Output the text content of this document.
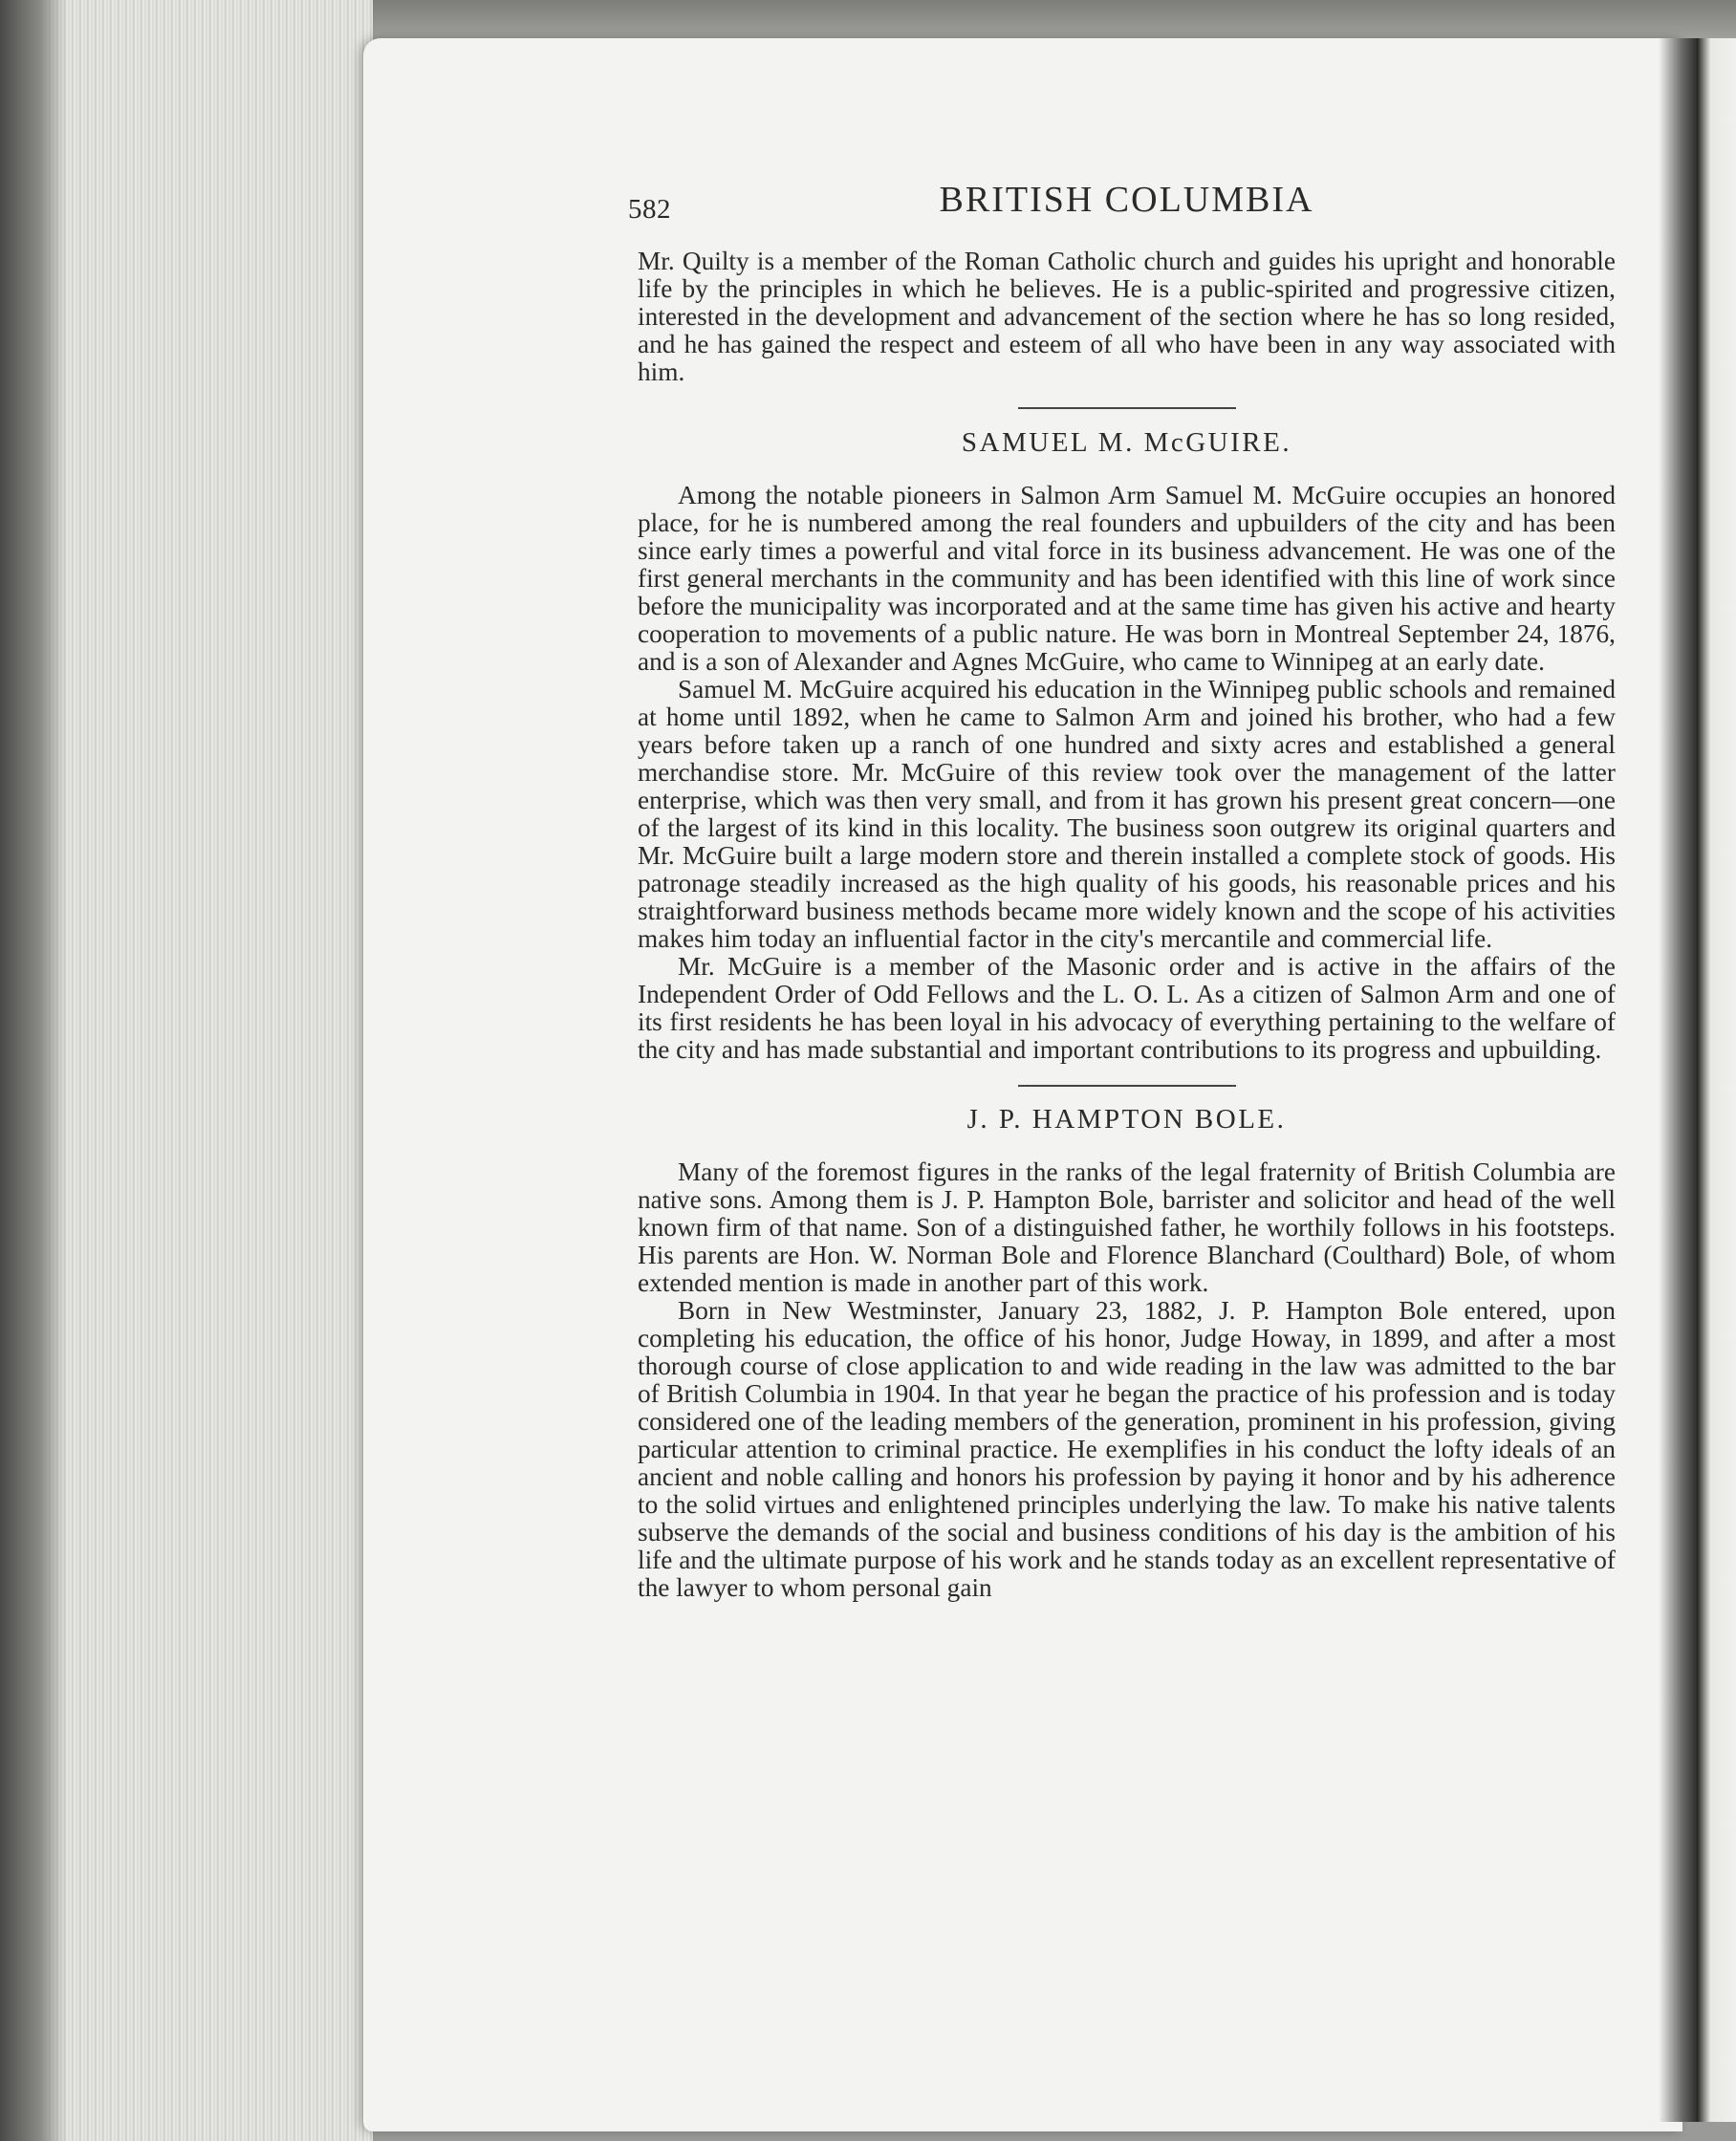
582	BRITISH COLUMBIA

Mr. Quilty is a member of the Roman Catholic church and guides his upright and honorable life by the principles in which he believes. He is a public-spirited and progressive citizen, interested in the development and advancement of the section where he has so long resided, and he has gained the respect and esteem of all who have been in any way associated with him.

SAMUEL M. McGUIRE.

Among the notable pioneers in Salmon Arm Samuel M. McGuire occupies an honored place, for he is numbered among the real founders and upbuilders of the city and has been since early times a powerful and vital force in its business advancement. He was one of the first general merchants in the community and has been identified with this line of work since before the municipality was incorporated and at the same time has given his active and hearty cooperation to movements of a public nature. He was born in Montreal September 24, 1876, and is a son of Alexander and Agnes McGuire, who came to Winnipeg at an early date.

Samuel M. McGuire acquired his education in the Winnipeg public schools and remained at home until 1892, when he came to Salmon Arm and joined his brother, who had a few years before taken up a ranch of one hundred and sixty acres and established a general merchandise store. Mr. McGuire of this review took over the management of the latter enterprise, which was then very small, and from it has grown his present great concern—one of the largest of its kind in this locality. The business soon outgrew its original quarters and Mr. McGuire built a large modern store and therein installed a complete stock of goods. His patronage steadily increased as the high quality of his goods, his reasonable prices and his straightforward business methods became more widely known and the scope of his activities makes him today an influential factor in the city's mercantile and commercial life.

Mr. McGuire is a member of the Masonic order and is active in the affairs of the Independent Order of Odd Fellows and the L. O. L. As a citizen of Salmon Arm and one of its first residents he has been loyal in his advocacy of everything pertaining to the welfare of the city and has made substantial and important contributions to its progress and upbuilding.

J. P. HAMPTON BOLE.

Many of the foremost figures in the ranks of the legal fraternity of British Columbia are native sons. Among them is J. P. Hampton Bole, barrister and solicitor and head of the well known firm of that name. Son of a distinguished father, he worthily follows in his footsteps. His parents are Hon. W. Norman Bole and Florence Blanchard (Coulthard) Bole, of whom extended mention is made in another part of this work.

Born in New Westminster, January 23, 1882, J. P. Hampton Bole entered, upon completing his education, the office of his honor, Judge Howay, in 1899, and after a most thorough course of close application to and wide reading in the law was admitted to the bar of British Columbia in 1904. In that year he began the practice of his profession and is today considered one of the leading members of the generation, prominent in his profession, giving particular attention to criminal practice. He exemplifies in his conduct the lofty ideals of an ancient and noble calling and honors his profession by paying it honor and by his adherence to the solid virtues and enlightened principles underlying the law. To make his native talents subserve the demands of the social and business conditions of his day is the ambition of his life and the ultimate purpose of his work and he stands today as an excellent representative of the lawyer to whom personal gain
